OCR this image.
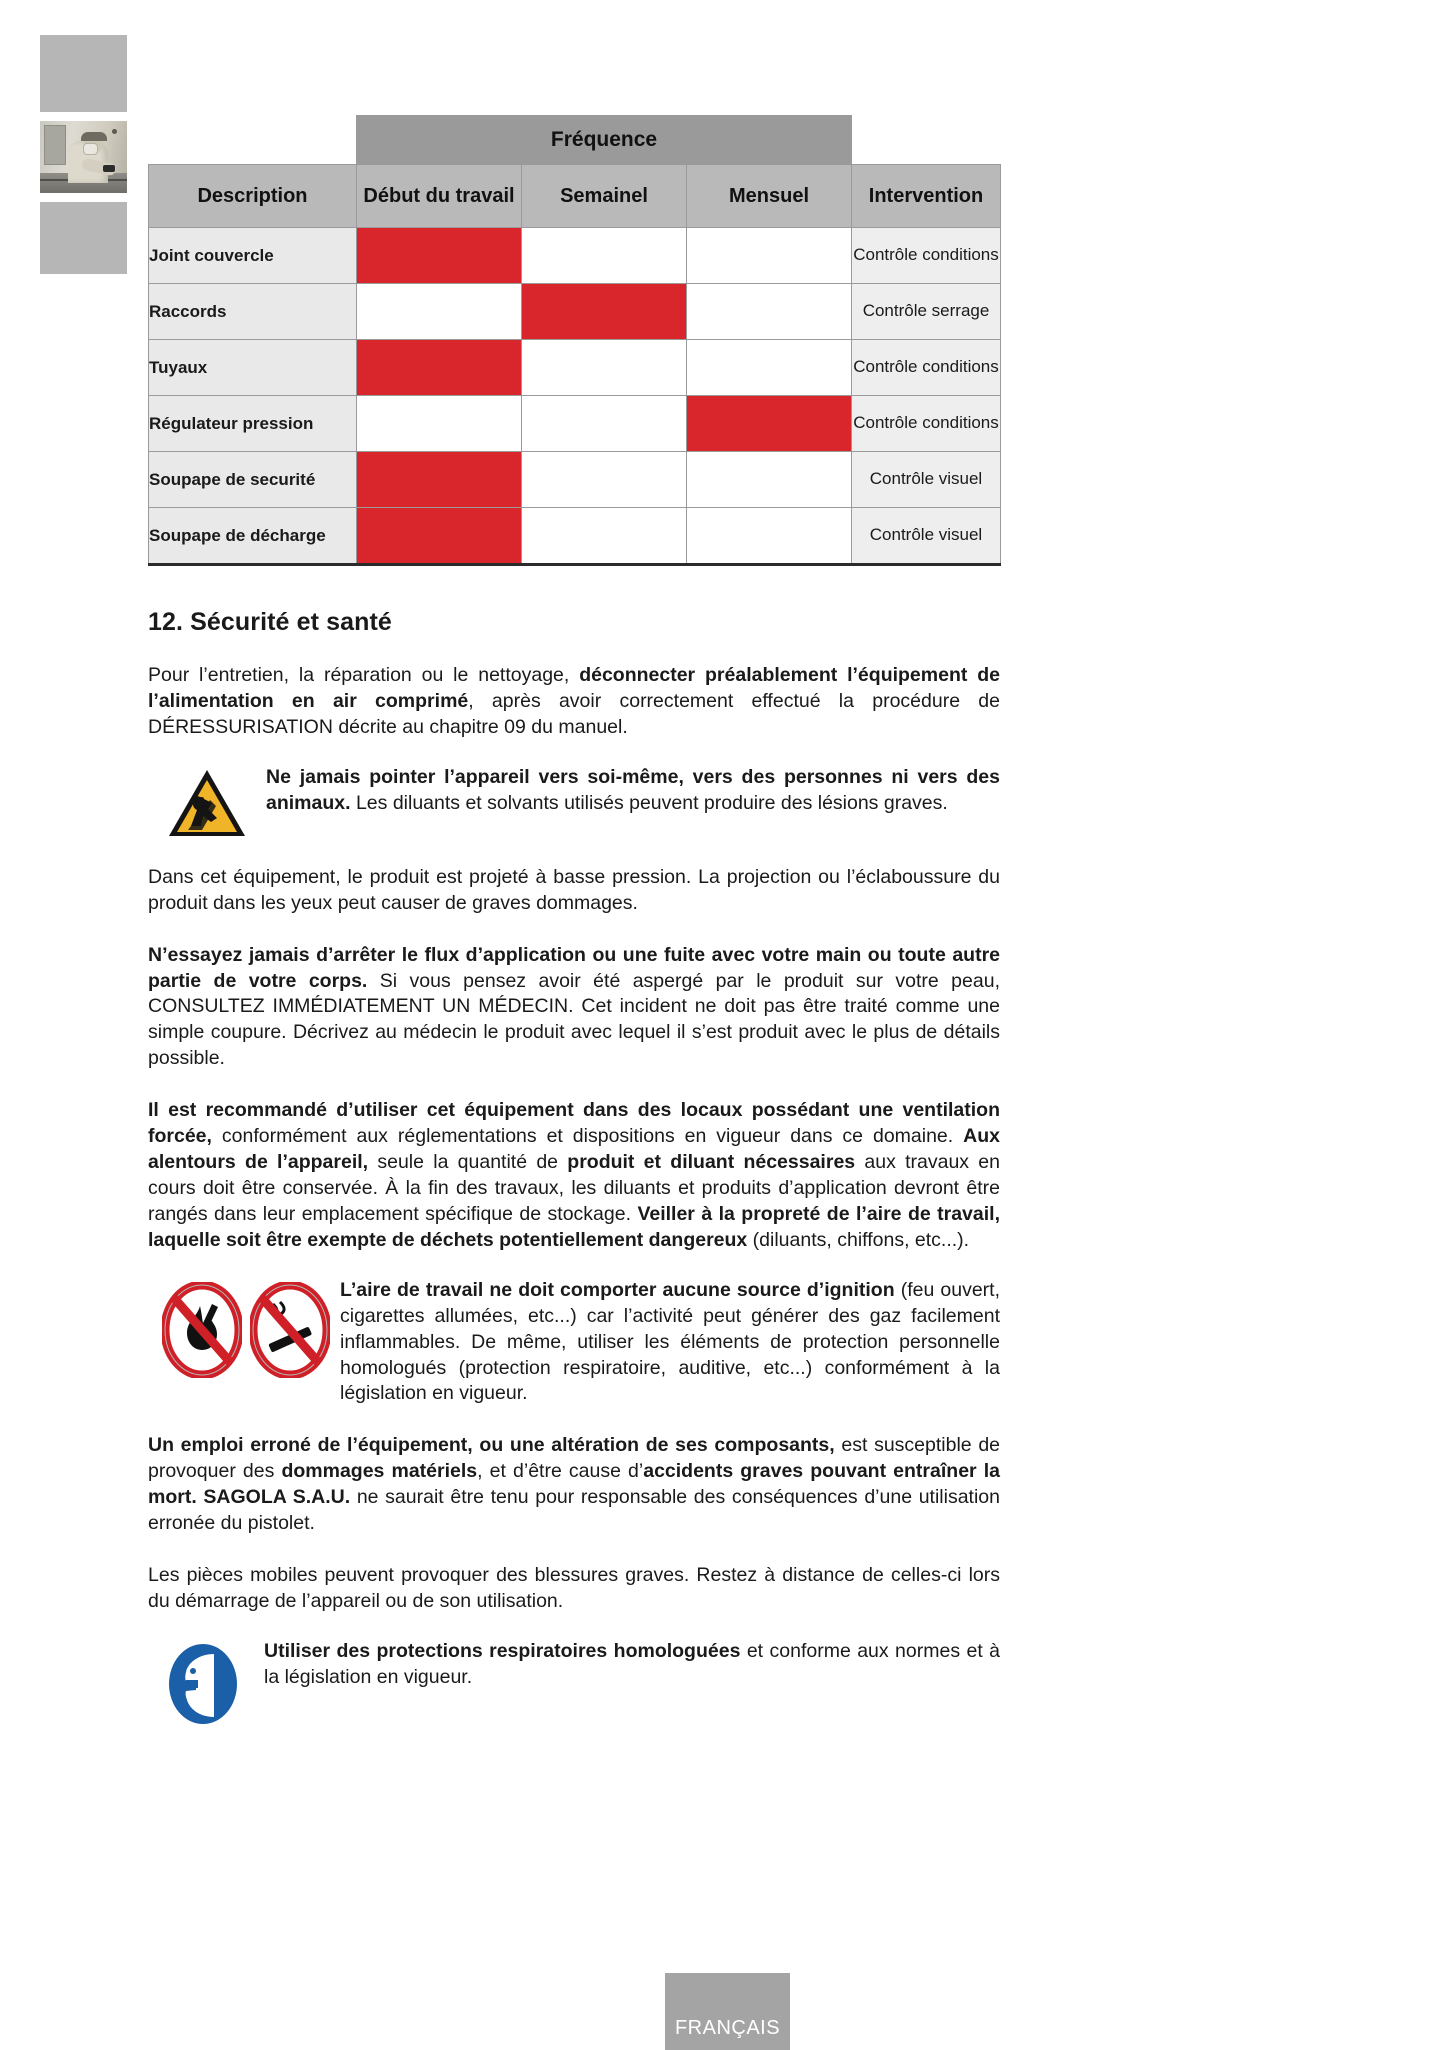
	Fréquence			
Description	Début du travail	Semainel	Mensuel	Intervention
Joint couvercle				Contrôle conditions
Raccords				Contrôle serrage
Tuyaux				Contrôle conditions
Régulateur pression				Contrôle conditions
Soupape de securité				Contrôle visuel
Soupape de décharge				Contrôle visuel
12. Sécurité et santé

Pour l’entretien, la réparation ou le nettoyage, déconnecter préalablement l’équipement de l’alimentation en air comprimé, après avoir correctement effectué la procédure de DÉRESSURISATION décrite au chapitre 09 du manuel.

Ne jamais pointer l’appareil vers soi-même, vers des personnes ni vers des animaux. Les diluants et solvants utilisés peuvent produire des lésions graves.

Dans cet équipement, le produit est projeté à basse pression. La projection ou l’éclaboussure du produit dans les yeux peut causer de graves dommages.

N’essayez jamais d’arrêter le flux d’application ou une fuite avec votre main ou toute autre partie de votre corps. Si vous pensez avoir été aspergé par le produit sur votre peau, CONSULTEZ IMMÉDIATEMENT UN MÉDECIN. Cet incident ne doit pas être traité comme une simple coupure. Décrivez au médecin le produit avec lequel il s’est produit avec le plus de détails possible.

Il est recommandé d’utiliser cet équipement dans des locaux possédant une ventilation forcée, conformément aux réglementations et dispositions en vigueur dans ce domaine. Aux alentours de l’appareil, seule la quantité de produit et diluant nécessaires aux travaux en cours doit être conservée. À la fin des travaux, les diluants et produits d’application devront être rangés dans leur emplacement spécifique de stockage. Veiller à la propreté de l’aire de travail, laquelle soit être exempte de déchets potentiellement dangereux (diluants, chiffons, etc...).

L’aire de travail ne doit comporter aucune source d’ignition (feu ouvert, cigarettes allumées, etc...) car l’activité peut générer des gaz facilement inflammables. De même, utiliser les éléments de protection personnelle homologués (protection respiratoire, auditive, etc...) conformément à la législation en vigueur.

Un emploi erroné de l’équipement, ou une altération de ses composants, est susceptible de provoquer des dommages matériels, et d’être cause d’accidents graves pouvant entraîner la mort. SAGOLA S.A.U. ne saurait être tenu pour responsable des conséquences d’une utilisation erronée du pistolet.

Les pièces mobiles peuvent provoquer des blessures graves. Restez à distance de celles-ci lors du démarrage de l’appareil ou de son utilisation.

Utiliser des protections respiratoires homologuées et conforme aux normes et à la législation en vigueur.
FRANÇAIS
